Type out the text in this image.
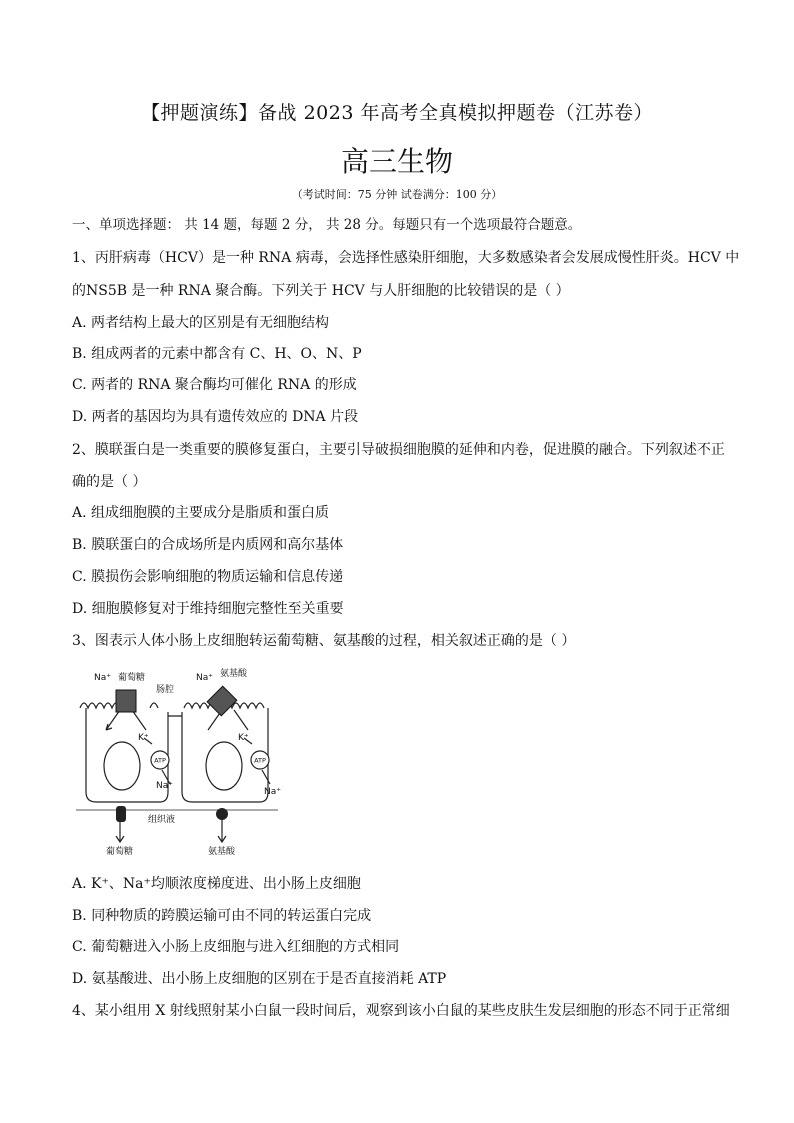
【押题演练】备战 2023 年高考全真模拟押题卷（江苏卷）
高三生物
（考试时间：75 分钟 试卷满分：100 分）
一、单项选择题： 共 14 题，每题 2 分， 共 28 分。每题只有一个选项最符合题意。
1、丙肝病毒（HCV）是一种 RNA 病毒，会选择性感染肝细胞，大多数感染者会发展成慢性肝炎。HCV 中
的NS5B 是一种 RNA 聚合酶。下列关于 HCV 与人肝细胞的比较错误的是（ ）
A. 两者结构上最大的区别是有无细胞结构
B. 组成两者的元素中都含有 C、H、O、N、P
C. 两者的 RNA 聚合酶均可催化 RNA 的形成
D. 两者的基因均为具有遗传效应的 DNA 片段
2、膜联蛋白是一类重要的膜修复蛋白，主要引导破损细胞膜的延伸和内卷，促进膜的融合。下列叙述不正
确的是（ ）
A. 组成细胞膜的主要成分是脂质和蛋白质
B. 膜联蛋白的合成场所是内质网和高尔基体
C. 膜损伤会影响细胞的物质运输和信息传递
D. 细胞膜修复对于维持细胞完整性至关重要
3、图表示人体小肠上皮细胞转运葡萄糖、氨基酸的过程，相关叙述正确的是（ ）
Na⁺ 葡萄糖
肠腔
Na⁺ 氨基酸
K⁺	K⁺
Na⁺
Na⁺
组织液
葡萄糖	氨基酸
ATP	ATP
A. K⁺、Na⁺均顺浓度梯度进、出小肠上皮细胞
B. 同种物质的跨膜运输可由不同的转运蛋白完成
C. 葡萄糖进入小肠上皮细胞与进入红细胞的方式相同
D. 氨基酸进、出小肠上皮细胞的区别在于是否直接消耗 ATP
4、某小组用 X 射线照射某小白鼠一段时间后，观察到该小白鼠的某些皮肤生发层细胞的形态不同于正常细
